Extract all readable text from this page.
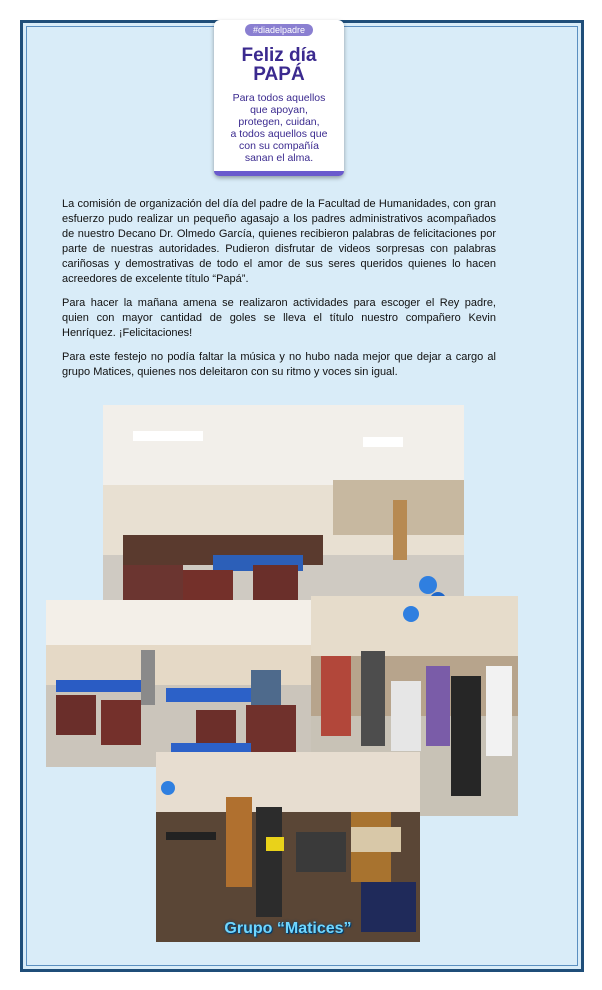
#diadelpadre
Feliz día
PAPÁ
Para todos aquellos
que apoyan,
protegen, cuidan,
a todos aquellos que
con su compañía
sanan el alma.

La comisión de organización del día del padre de la Facultad de Humanidades, con gran esfuerzo pudo realizar un pequeño agasajo a los padres administrativos acompañados de nuestro Decano Dr. Olmedo García, quienes recibieron palabras de felicitaciones por parte de nuestras autoridades. Pudieron disfrutar de videos sorpresas con palabras cariñosas y demostrativas de todo el amor de sus seres queridos quienes lo hacen acreedores de excelente título “Papá”.

Para hacer la mañana amena se realizaron actividades para escoger el Rey padre, quien con mayor cantidad de goles se lleva el título nuestro compañero Kevin Henríquez. ¡Felicitaciones!

Para este festejo no podía faltar la música y no hubo nada mejor que dejar a cargo al grupo Matices, quienes nos deleitaron con su ritmo y voces sin igual.

Grupo “Matices”
